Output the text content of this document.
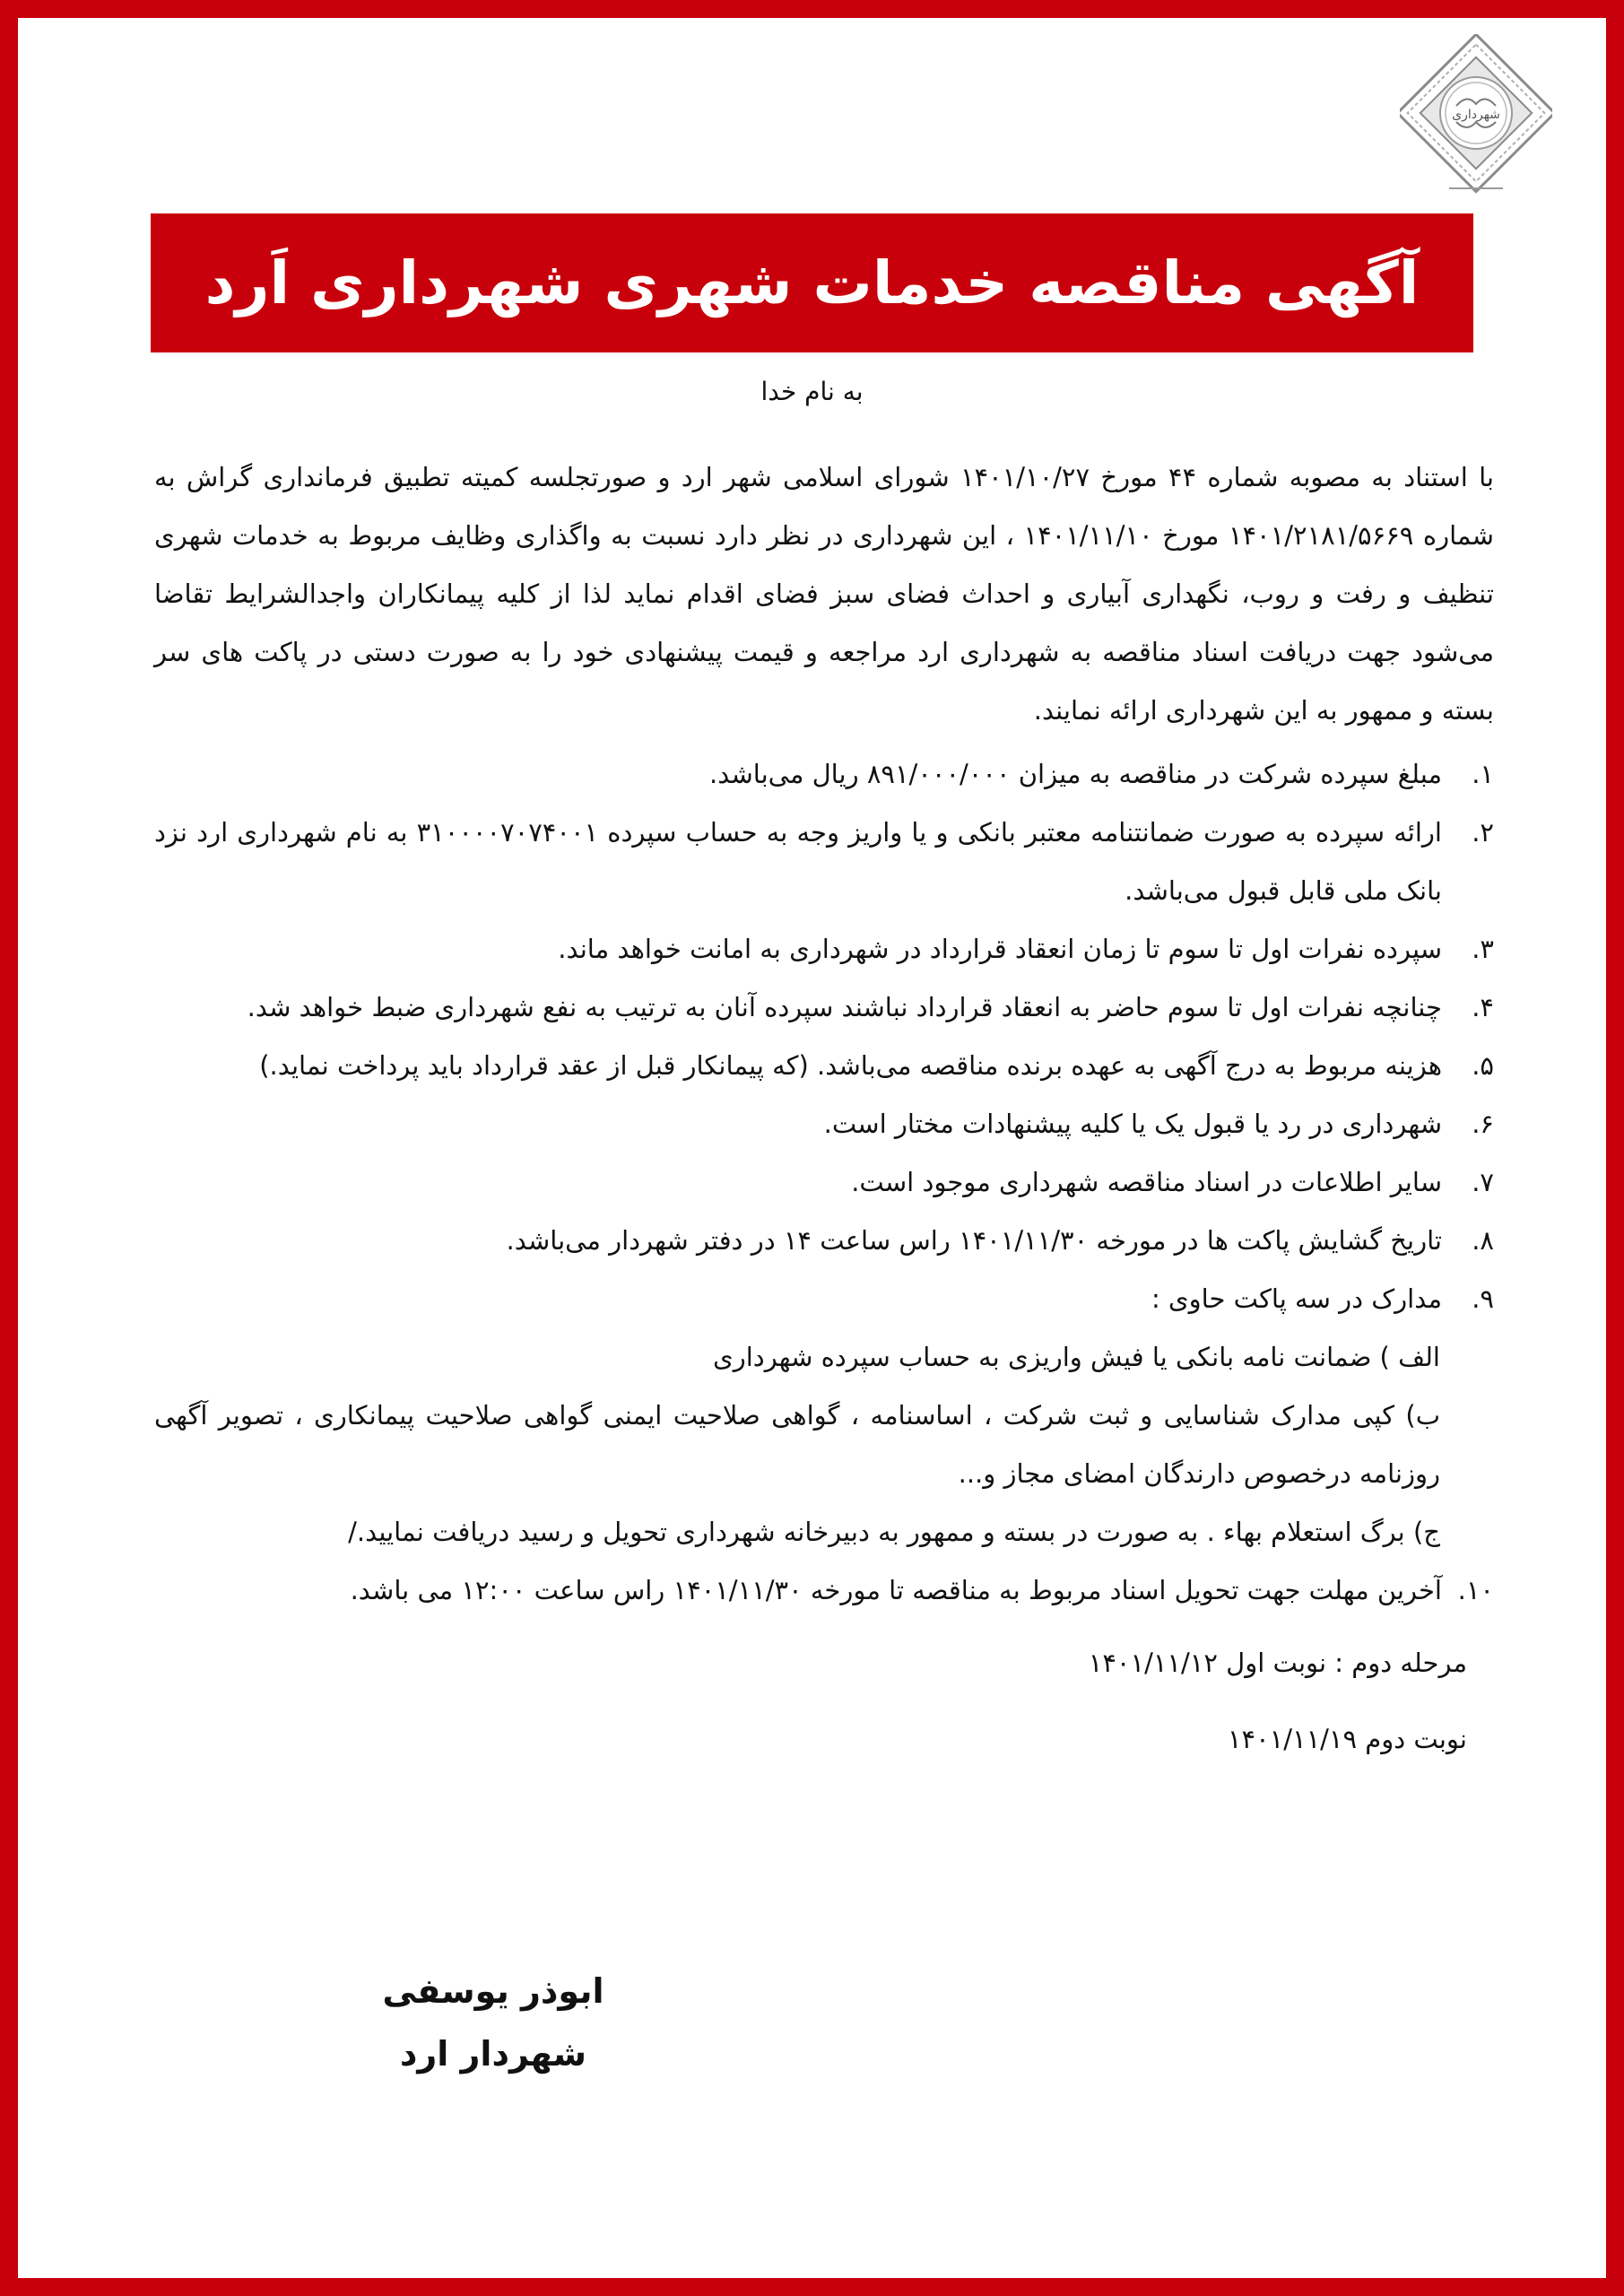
شهرداری
آگهی مناقصه خدمات شهری شهرداری اَرد
به نام خدا

با استناد به مصوبه شماره ۴۴ مورخ ۱۴۰۱/۱۰/۲۷ شورای اسلامی شهر ارد و صورتجلسه کمیته تطبیق فرمانداری گراش به شماره ۱۴۰۱/۲۱۸۱/۵۶۶۹ مورخ ۱۴۰۱/۱۱/۱۰ ، این شهرداری در نظر دارد نسبت به واگذاری وظایف مربوط به خدمات شهری تنظیف و رفت و روب، نگهداری آبیاری و احداث فضای سبز فضای اقدام نماید لذا از کلیه پیمانکاران واجدالشرایط تقاضا می‌شود جهت دریافت اسناد مناقصه به شهرداری ارد مراجعه و قیمت پیشنهادی خود را به صورت دستی در پاکت های سر بسته و ممهور به این شهرداری ارائه نمایند.

۱.
مبلغ سپرده شرکت در مناقصه به میزان ۸۹۱/۰۰۰/۰۰۰ ریال می‌باشد.
۲.
ارائه سپرده به صورت ضمانتنامه معتبر بانکی و یا واریز وجه به حساب سپرده ۳۱۰۰۰۰۷۰۷۴۰۰۱ به نام شهرداری ارد نزد بانک ملی قابل قبول می‌باشد.
۳.
سپرده نفرات اول تا سوم تا زمان انعقاد قرارداد در شهرداری به امانت خواهد ماند.
۴.
چنانچه نفرات اول تا سوم حاضر به انعقاد قرارداد نباشند سپرده آنان به ترتیب به نفع شهرداری ضبط خواهد شد.
۵.
هزینه مربوط به درج آگهی به عهده برنده مناقصه می‌باشد. (که پیمانکار قبل از عقد قرارداد باید پرداخت نماید.)
۶.
شهرداری در رد یا قبول یک یا کلیه پیشنهادات مختار است.
۷.
سایر اطلاعات در اسناد مناقصه شهرداری موجود است.
۸.
تاریخ گشایش پاکت ها در مورخه ۱۴۰۱/۱۱/۳۰ راس ساعت ۱۴ در دفتر شهردار می‌باشد.
۹.
مدارک در سه پاکت حاوی :
الف ) ضمانت نامه بانکی یا فیش واریزی به حساب سپرده شهرداری
ب) کپی مدارک شناسایی و ثبت شرکت ، اساسنامه ، گواهی صلاحیت ایمنی گواهی صلاحیت پیمانکاری ، تصویر آگهی روزنامه درخصوص دارندگان امضای مجاز و...
ج) برگ استعلام بهاء . به صورت در بسته و ممهور به دبیرخانه شهرداری تحویل و رسید دریافت نمایید./
۱۰.
آخرین مهلت جهت تحویل اسناد مربوط به مناقصه تا مورخه ۱۴۰۱/۱۱/۳۰ راس ساعت ۱۲:۰۰ می باشد.
مرحله دوم : نوبت اول ۱۴۰۱/۱۱/۱۲
نوبت دوم ۱۴۰۱/۱۱/۱۹
ابوذر یوسفی
شهردار ارد
